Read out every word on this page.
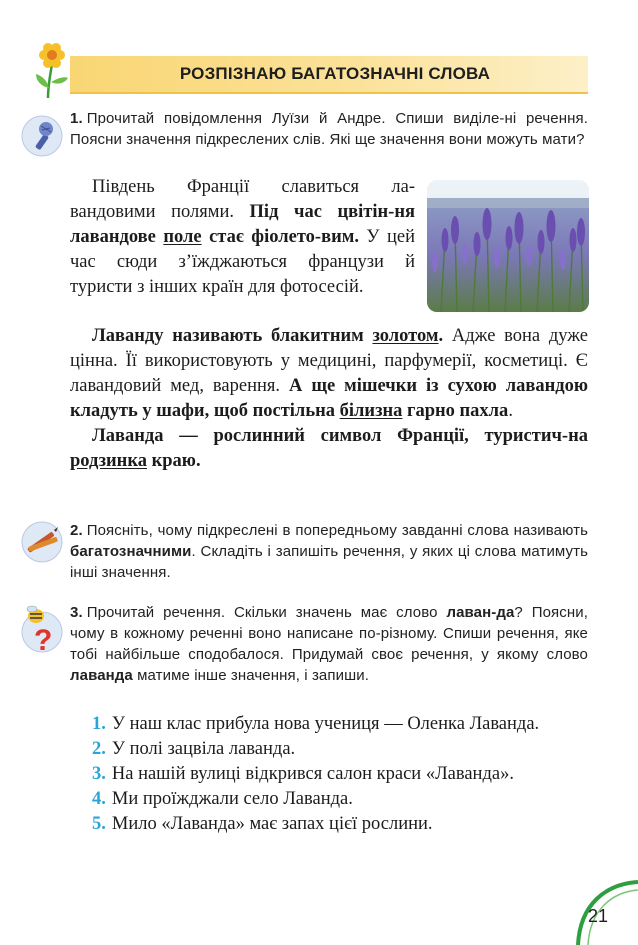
РОЗПІЗНАЮ БАГАТОЗНАЧНІ СЛОВА
1. Прочитай повідомлення Луїзи й Андре. Спиши виділе-ні речення. Поясни значення підкреслених слів. Які ще значення вони можуть мати?
Південь Франції славиться ла-вандовими полями. Під час цвітін-ня лавандове поле стає фіолето-вим. У цей час сюди з’їжджаються французи й туристи з інших країн для фотосесій.
Лаванду називають блакитним золотом. Адже вона дуже цінна. Її використовують у медицині, парфумерії, косметиці. Є лавандовий мед, варення. А ще мішечки із сухою лавандою кладуть у шафи, щоб постільна білизна гарно пахла.
Лаванда — рослинний символ Франції, туристич-на родзинка краю.
2. Поясніть, чому підкреслені в попередньому завданні слова називають багатозначними. Складіть і запишіть речення, у яких ці слова матимуть інші значення.
?
3. Прочитай речення. Скільки значень має слово лаван-да? Поясни, чому в кожному реченні воно написане по-різному. Спиши речення, яке тобі найбільше сподобалося. Придумай своє речення, у якому слово лаванда матиме інше значення, і запиши.

1. У наш клас прибула нова учениця — Оленка Лаванда.

2. У полі зацвіла лаванда.

3. На нашій вулиці відкрився салон краси «Лаванда».

4. Ми проїжджали село Лаванда.

5. Мило «Лаванда» має запах цієї рослини.

21
